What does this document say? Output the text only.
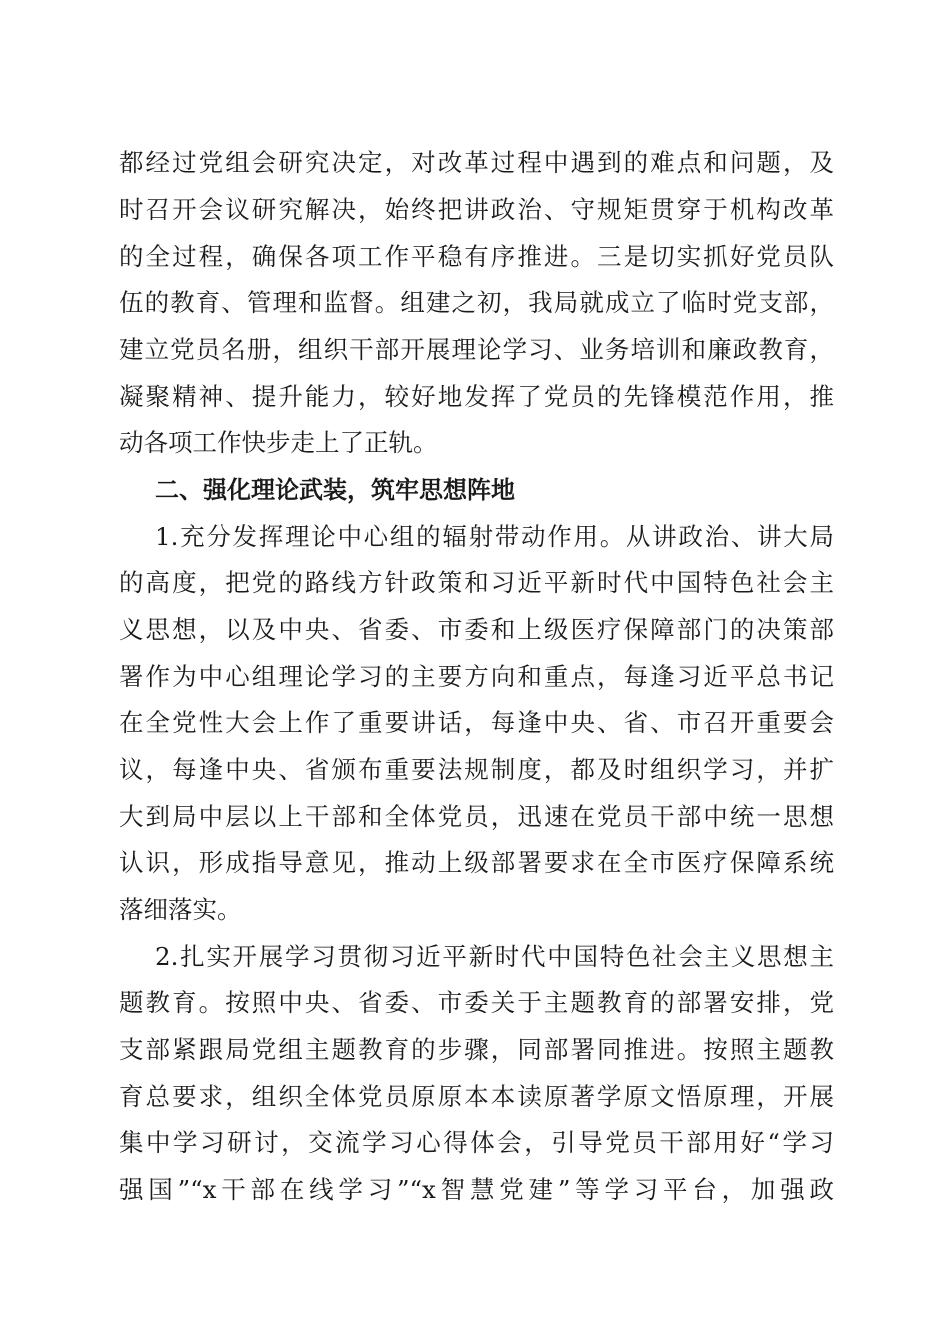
都经过党组会研究决定，对改革过程中遇到的难点和问题，及
时召开会议研究解决，始终把讲政治、守规矩贯穿于机构改革
的全过程，确保各项工作平稳有序推进。三是切实抓好党员队
伍的教育、管理和监督。组建之初，我局就成立了临时党支部，
建立党员名册，组织干部开展理论学习、业务培训和廉政教育，
凝聚精神、提升能力，较好地发挥了党员的先锋模范作用，推
动各项工作快步走上了正轨。
二、强化理论武装，筑牢思想阵地
1.充分发挥理论中心组的辐射带动作用。从讲政治、讲大局
的高度，把党的路线方针政策和习近平新时代中国特色社会主
义思想，以及中央、省委、市委和上级医疗保障部门的决策部
署作为中心组理论学习的主要方向和重点，每逢习近平总书记
在全党性大会上作了重要讲话，每逢中央、省、市召开重要会
议，每逢中央、省颁布重要法规制度，都及时组织学习，并扩
大到局中层以上干部和全体党员，迅速在党员干部中统一思想
认识，形成指导意见，推动上级部署要求在全市医疗保障系统
落细落实。
2.扎实开展学习贯彻习近平新时代中国特色社会主义思想主
题教育。按照中央、省委、市委关于主题教育的部署安排，党
支部紧跟局党组主题教育的步骤，同部署同推进。按照主题教
育总要求，组织全体党员原原本本读原著学原文悟原理，开展
集中学习研讨，交流学习心得体会，引导党员干部用好“学习
强国”“x干部在线学习”“x智慧党建”等学习平台，加强政
